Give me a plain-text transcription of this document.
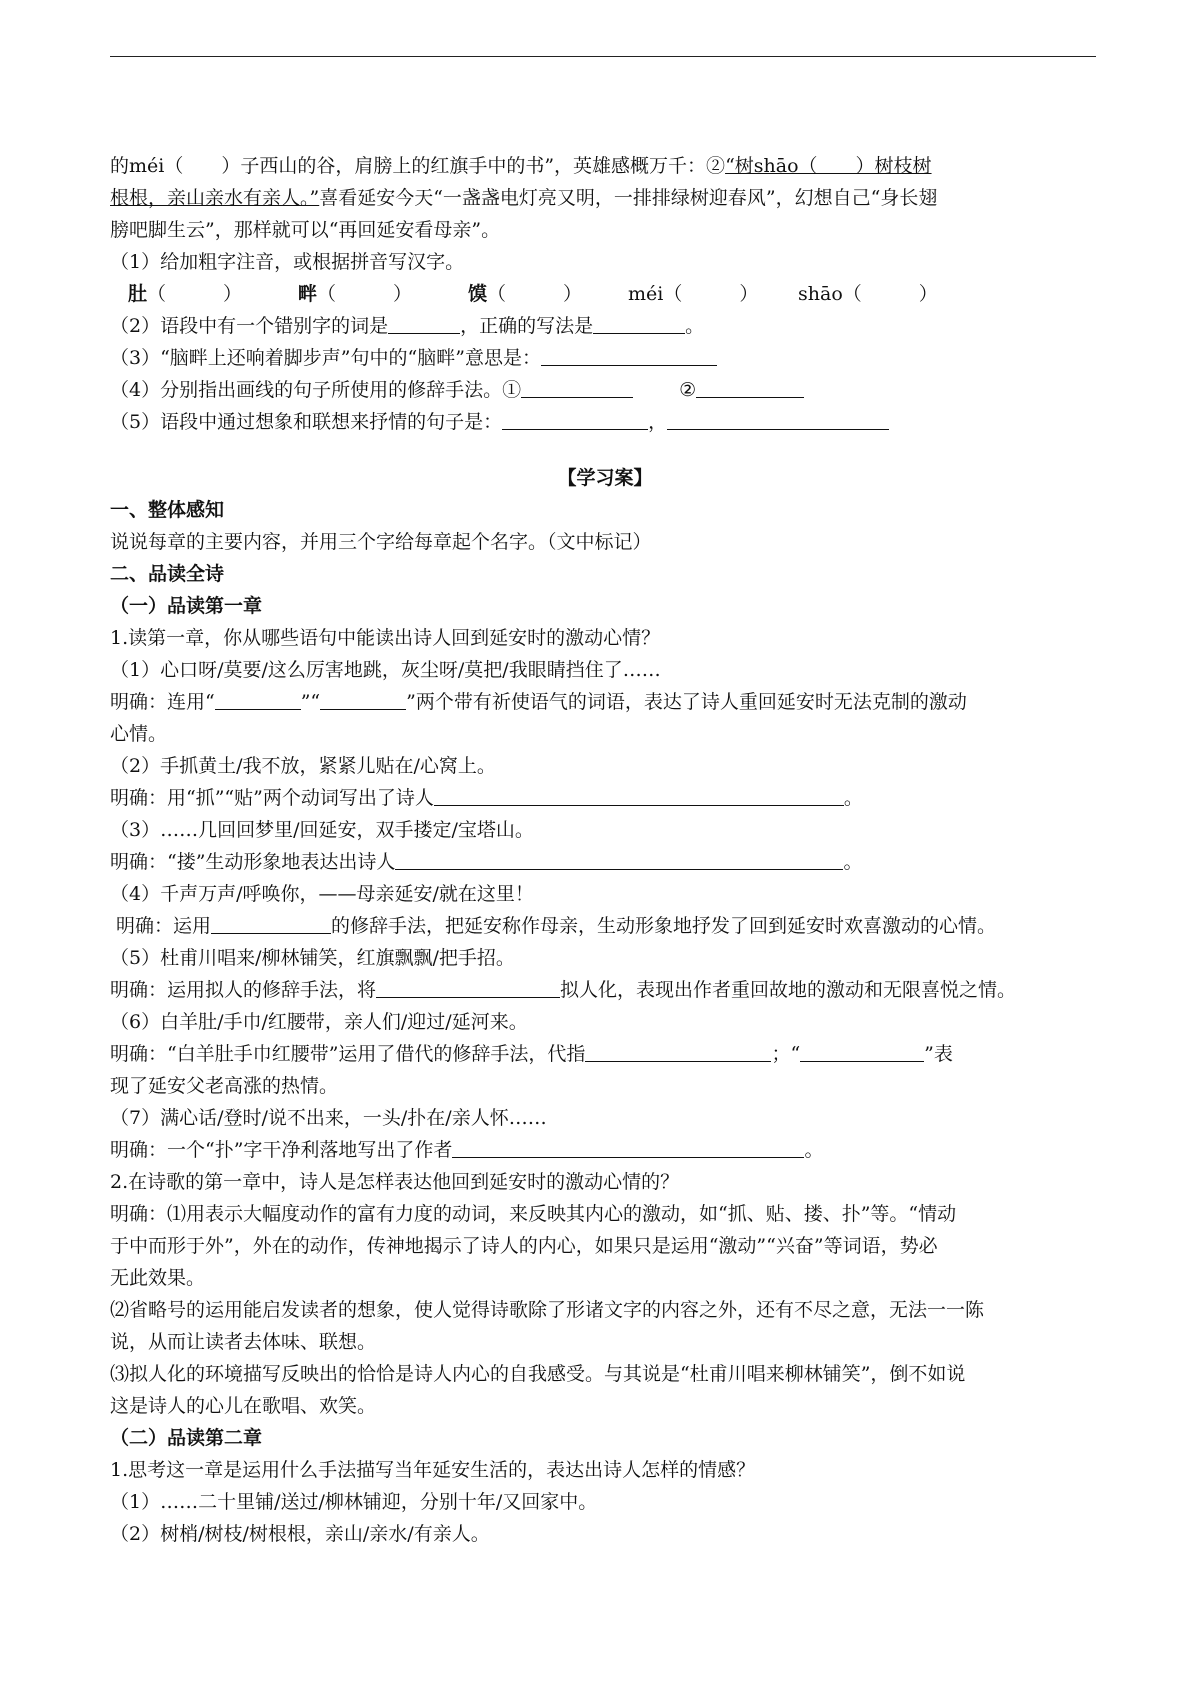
的méi（　　）子西山的谷，肩膀上的红旗手中的书”，英雄感概万千：②“树shāo（　　）树枝树
根根，亲山亲水有亲人。”喜看延安今天“一盏盏电灯亮又明，一排排绿树迎春风”，幻想自己“身长翅
膀吧脚生云”，那样就可以“再回延安看母亲”。
（1）给加粗字注音，或根据拼音写汉字。
肚（　　　）	畔（　　　）	馍（　　　）	méi（　　　）	shāo（　　　）
（2）语段中有一个错别字的词是	，正确的写法是	。
（3）“脑畔上还响着脚步声”句中的“脑畔”意思是：
（4）分别指出画线的句子所使用的修辞手法。①	②
（5）语段中通过想象和联想来抒情的句子是：	，
【学习案】
一、整体感知
说说每章的主要内容，并用三个字给每章起个名字。（文中标记）
二、品读全诗
（一）品读第一章
1.读第一章，你从哪些语句中能读出诗人回到延安时的激动心情？
（1）心口呀/莫要/这么厉害地跳，灰尘呀/莫把/我眼睛挡住了……
明确：连用“	”“	”两个带有祈使语气的词语，表达了诗人重回延安时无法克制的激动
心情。
（2）手抓黄土/我不放，紧紧儿贴在/心窝上。
明确：用“抓”“贴”两个动词写出了诗人	。
（3）……几回回梦里/回延安，双手搂定/宝塔山。
明确：“搂”生动形象地表达出诗人	。
（4）千声万声/呼唤你，——母亲延安/就在这里！
明确：运用	的修辞手法，把延安称作母亲，生动形象地抒发了回到延安时欢喜激动的心情。
（5）杜甫川唱来/柳林铺笑，红旗飘飘/把手招。
明确：运用拟人的修辞手法，将	拟人化，表现出作者重回故地的激动和无限喜悦之情。
（6）白羊肚/手巾/红腰带，亲人们/迎过/延河来。
明确：“白羊肚手巾红腰带”运用了借代的修辞手法，代指	；“	”表
现了延安父老高涨的热情。
（7）满心话/登时/说不出来，一头/扑在/亲人怀……
明确：一个“扑”字干净利落地写出了作者	。
2.在诗歌的第一章中，诗人是怎样表达他回到延安时的激动心情的？
明确：⑴用表示大幅度动作的富有力度的动词，来反映其内心的激动，如“抓、贴、搂、扑”等。“情动
于中而形于外”，外在的动作，传神地揭示了诗人的内心，如果只是运用“激动”“兴奋”等词语，势必
无此效果。
⑵省略号的运用能启发读者的想象，使人觉得诗歌除了形诸文字的内容之外，还有不尽之意，无法一一陈
说，从而让读者去体味、联想。
⑶拟人化的环境描写反映出的恰恰是诗人内心的自我感受。与其说是“杜甫川唱来柳林铺笑”，倒不如说
这是诗人的心儿在歌唱、欢笑。
（二）品读第二章
1.思考这一章是运用什么手法描写当年延安生活的，表达出诗人怎样的情感？
（1）……二十里铺/送过/柳林铺迎，分别十年/又回家中。
（2）树梢/树枝/树根根，亲山/亲水/有亲人。
